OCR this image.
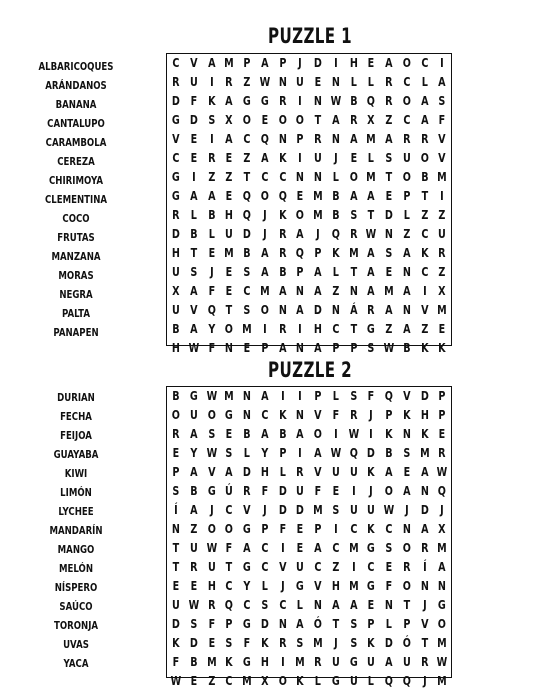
PUZZLE 1
ALBARICOQUES
ARÁNDANOS
BANANA
CANTALUPO
CARAMBOLA
CEREZA
CHIRIMOYA
CLEMENTINA
COCO
FRUTAS
MANZANA
MORAS
NEGRA
PALTA
PANAPEN
C V A M P A P	J D I H E A O C	I
R U	I	R Z W N U E N L L R C L A
D F K A G G R	I N W B Q R O A S
G D S X O E O O T A R X Z C A F
V E	I	A C Q N P R N A M A R R V
C E R E Z A K	I	U	J	E L S U O V
G	I	Z Z T C C N N L O M T O B M
G A A E Q O Q E M B A A E P T	I
R L B H Q J	K O M B S T D L Z Z
D B L U D J	R A	J Q R W N Z C U
H T E M B A R Q P K M A S A K R
U S	J	E S A B P A L T A E N C Z
X A F E C M A N A Z N A M A	I	X
U V Q T S O N A D N Á R A N V M
B A Y O M I	R	I H C T G Z A Z E
H W F N E P A N A P P S W B K K
PUZZLE 2
DURIAN
FECHA
FEIJOA
GUAYABA
KIWI
LIMÓN
LYCHEE
MANDARÍN
MANGO
MELÓN
NÍSPERO
SAÚCO
TORONJA
UVAS
YACA
B G W M N A	I	I	P L S F Q V D P
O U O G N C K N V F R	J	P K H P
R A S E B A B A O I W I	K N K E
E Y W S L Y P	I	A W Q D B S M R
P A V A D H L R V U U K A E A W
S B G Ú R F D U F E	I	J O A N Q
Í	A	J	C V	J D D M S U U W J D J
N Z O O G P F E P	I	C K C N A X
T U W F A C	I	E A C M G S O R M
T R U T G C V U C Z	I	C E R	Í	A
E E H C Y L	J	G V H M G F O N N
U W R Q C S C L N A A E N T	J	G
D S F P G D N A Ó T S P L P V O
K D E S F K R S M J	S K D Ó T M
F B M K G H I M R U G U A U R W
W E Z C M X O K L G U L Q Q J M
